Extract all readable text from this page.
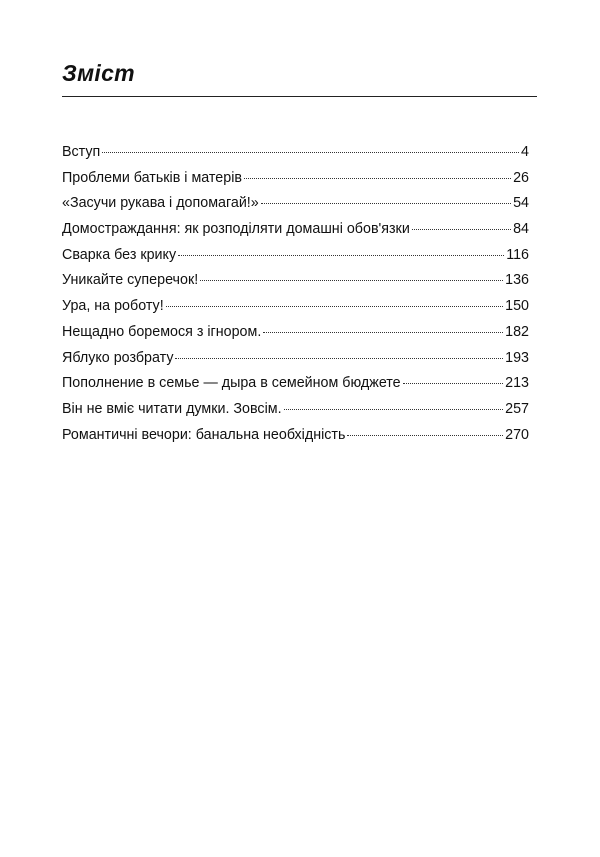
Зміст
Вступ	4
Проблеми батьків і матерів	26
«Засучи рукава і допомагай!»	54
Домостраждання: як розподіляти домашні обов'язки	84
Сварка без крику	116
Уникайте суперечок!	136
Ура, на роботу!	150
Нещадно боремося з ігнором.	182
Яблуко розбрату	193
Пополнение в семье — дыра в семейном бюджете	213
Він не вміє читати думки. Зовсім.	257
Романтичні вечори: банальна необхідність	270
